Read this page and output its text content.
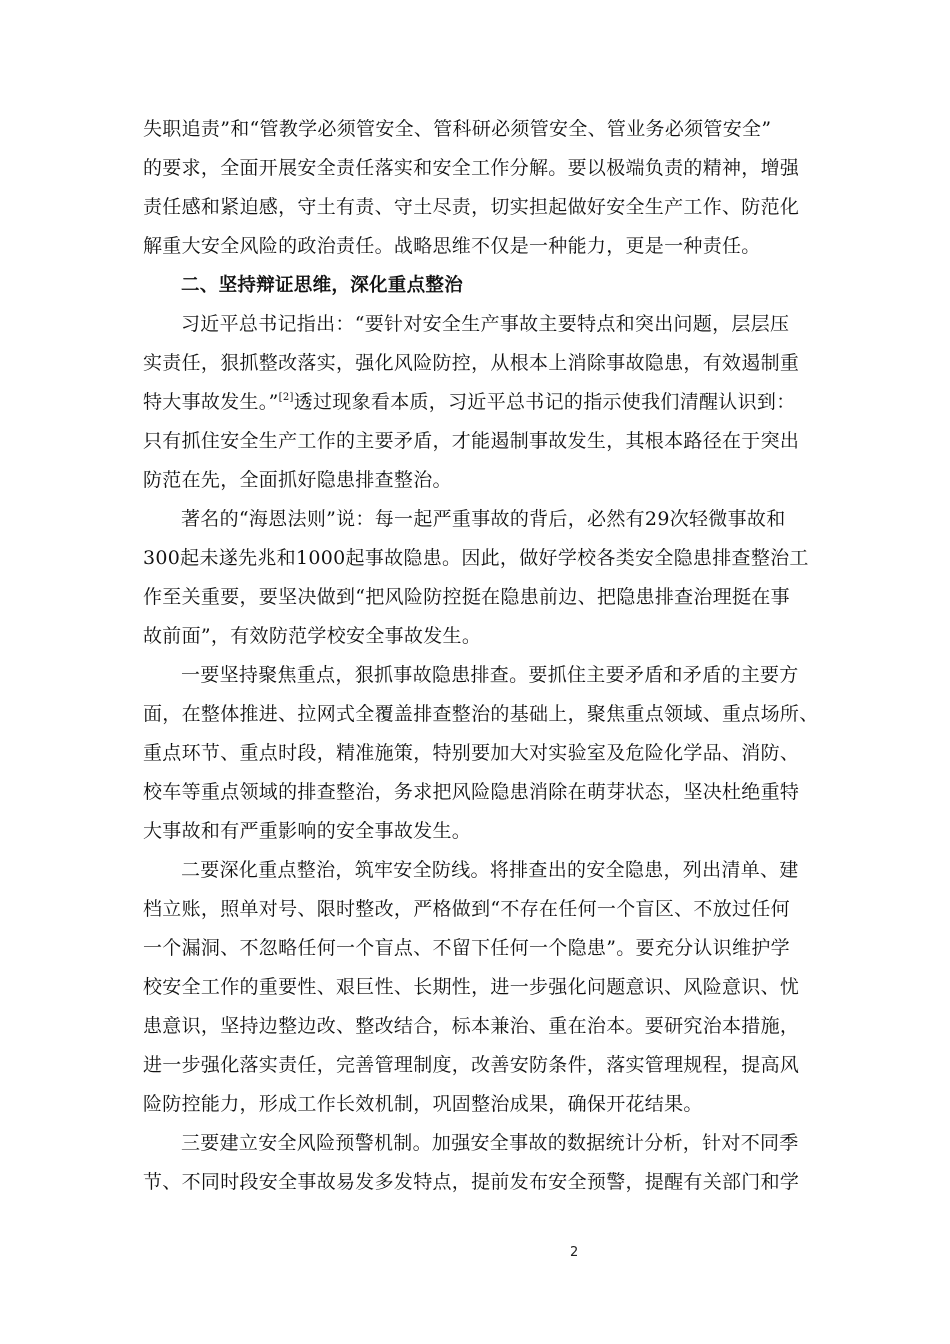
失职追责”和“管教学必须管安全、管科研必须管安全、管业务必须管安全”
的要求，全面开展安全责任落实和安全工作分解。要以极端负责的精神，增强
责任感和紧迫感，守土有责、守土尽责，切实担起做好安全生产工作、防范化
解重大安全风险的政治责任。战略思维不仅是一种能力，更是一种责任。
二、坚持辩证思维，深化重点整治
习近平总书记指出：“要针对安全生产事故主要特点和突出问题，层层压
实责任，狠抓整改落实，强化风险防控，从根本上消除事故隐患，有效遏制重
特大事故发生。”[2]透过现象看本质，习近平总书记的指示使我们清醒认识到：
只有抓住安全生产工作的主要矛盾，才能遏制事故发生，其根本路径在于突出
防范在先，全面抓好隐患排查整治。
著名的“海恩法则”说：每一起严重事故的背后，必然有29次轻微事故和
300起未遂先兆和1000起事故隐患。因此，做好学校各类安全隐患排查整治工
作至关重要，要坚决做到“把风险防控挺在隐患前边、把隐患排查治理挺在事
故前面”，有效防范学校安全事故发生。
一要坚持聚焦重点，狠抓事故隐患排查。要抓住主要矛盾和矛盾的主要方
面，在整体推进、拉网式全覆盖排查整治的基础上，聚焦重点领域、重点场所、
重点环节、重点时段，精准施策，特别要加大对实验室及危险化学品、消防、
校车等重点领域的排查整治，务求把风险隐患消除在萌芽状态，坚决杜绝重特
大事故和有严重影响的安全事故发生。
二要深化重点整治，筑牢安全防线。将排查出的安全隐患，列出清单、建
档立账，照单对号、限时整改，严格做到“不存在任何一个盲区、不放过任何
一个漏洞、不忽略任何一个盲点、不留下任何一个隐患”。要充分认识维护学
校安全工作的重要性、艰巨性、长期性，进一步强化问题意识、风险意识、忧
患意识，坚持边整边改、整改结合，标本兼治、重在治本。要研究治本措施，
进一步强化落实责任，完善管理制度，改善安防条件，落实管理规程，提高风
险防控能力，形成工作长效机制，巩固整治成果，确保开花结果。
三要建立安全风险预警机制。加强安全事故的数据统计分析，针对不同季
节、不同时段安全事故易发多发特点，提前发布安全预警，提醒有关部门和学
2
